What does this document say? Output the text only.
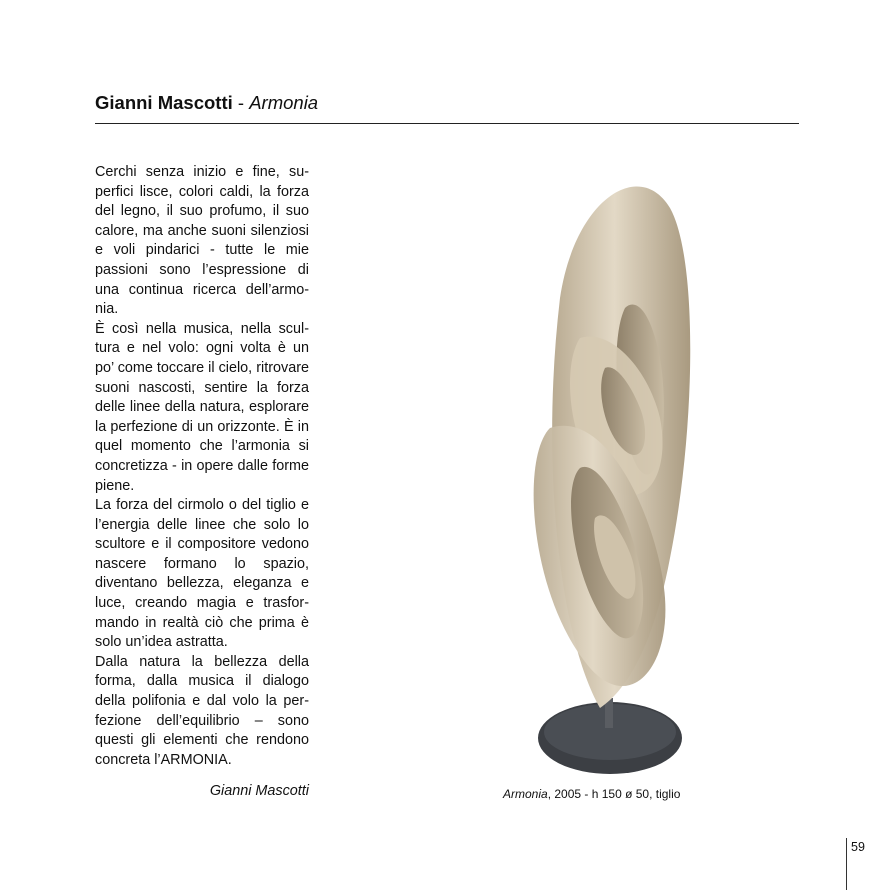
Gianni Mascotti - Armonia

Cerchi senza inizio e fine, superfici lisce, colori caldi, la forza del legno, il suo profumo, il suo calore, ma anche suoni silenziosi e voli pindarici - tutte le mie passioni sono l’espressione di una continua ricerca dell’armonia.

È così nella musica, nella scultura e nel volo: ogni volta è un po’ come toccare il cielo, ritrovare suoni nascosti, sentire la forza delle linee della natura, esplorare la perfezione di un orizzonte. È in quel momento che l’armonia si concretizza - in opere dalle forme piene.

La forza del cirmolo o del tiglio e l’energia delle linee che solo lo scultore e il compositore vedono nascere formano lo spazio, diventano bellezza, eleganza e luce, creando magia e trasformando in realtà ciò che prima è solo un’idea astratta.

Dalla natura la bellezza della forma, dalla musica il dialogo della polifonia e dal volo la perfezione dell’equilibrio – sono questi gli elementi che rendono concreta l’ARMONIA.

Gianni Mascotti	Armonia, 2005 - h 150 ø 50, tiglio
59
